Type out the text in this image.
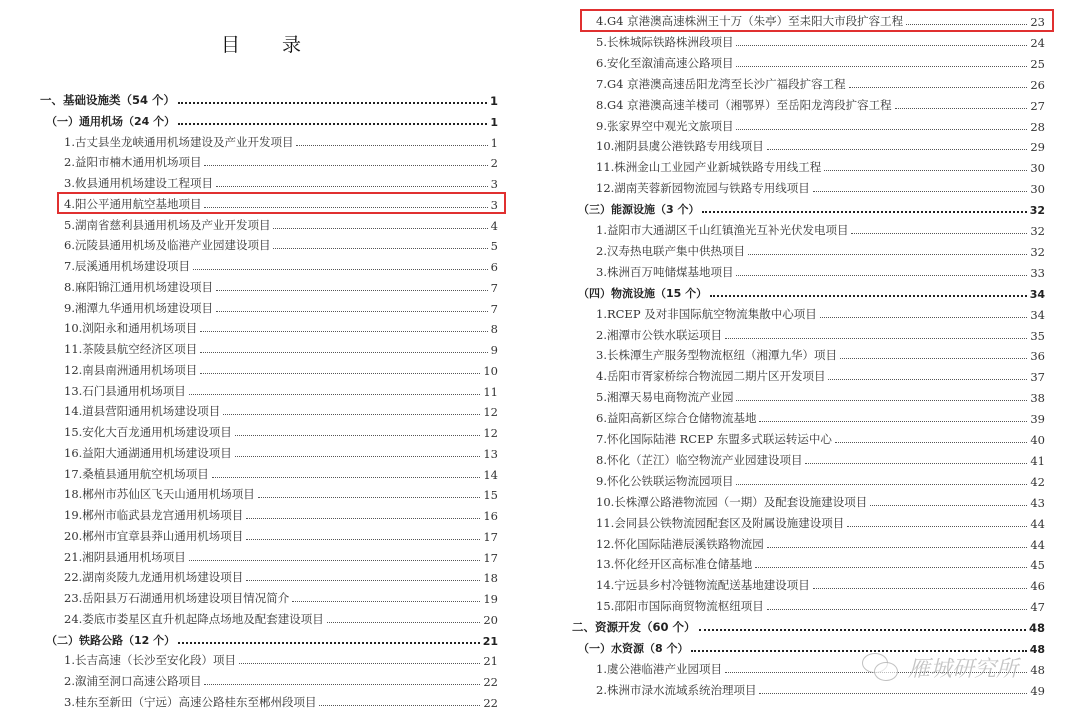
目 录
一、基础设施类（54 个）	1
（一）通用机场（24 个）	1
1.古丈县坐龙峡通用机场建设及产业开发项目	1
2.益阳市楠木通用机场项目	2
3.攸县通用机场建设工程项目	3
4.阳公平通用航空基地项目	3
5.湖南省慈利县通用机场及产业开发项目	4
6.沅陵县通用机场及临港产业园建设项目	5
7.辰溪通用机场建设项目	6
8.麻阳锦江通用机场建设项目	7
9.湘潭九华通用机场建设项目	7
10.浏阳永和通用机场项目	8
11.茶陵县航空经济区项目	9
12.南县南洲通用机场项目	10
13.石门县通用机场项目	11
14.道县营阳通用机场建设项目	12
15.安化大百龙通用机场建设项目	12
16.益阳大通湖通用机场建设项目	13
17.桑植县通用航空机场项目	14
18.郴州市苏仙区飞天山通用机场项目	15
19.郴州市临武县龙宫通用机场项目	16
20.郴州市宜章县莽山通用机场项目	17
21.湘阴县通用机场项目	17
22.湖南炎陵九龙通用机场建设项目	18
23.岳阳县万石湖通用机场建设项目情况简介	19
24.娄底市娄星区直升机起降点场地及配套建设项目	20
（二）铁路公路（12 个）	21
1.长吉高速（长沙至安化段）项目	21
2.溆浦至洞口高速公路项目	22
3.桂东至新田（宁远）高速公路桂东至郴州段项目	22
4.G4 京港澳高速株洲王十万（朱亭）至耒阳大市段扩容工程	23
5.长株城际铁路株洲段项目	24
6.安化至溆浦高速公路项目	25
7.G4 京港澳高速岳阳龙湾至长沙广福段扩容工程	26
8.G4 京港澳高速羊楼司（湘鄂界）至岳阳龙湾段扩容工程	27
9.张家界空中观光文旅项目	28
10.湘阴县虞公港铁路专用线项目	29
11.株洲金山工业园产业新城铁路专用线工程	30
12.湖南芙蓉新园物流园与铁路专用线项目	30
（三）能源设施（3 个）	32
1.益阳市大通湖区千山红镇渔光互补光伏发电项目	32
2.汉寿热电联产集中供热项目	32
3.株洲百万吨储煤基地项目	33
（四）物流设施（15 个）	34
1.RCEP 及对非国际航空物流集散中心项目	34
2.湘潭市公铁水联运项目	35
3.长株潭生产服务型物流枢纽（湘潭九华）项目	36
4.岳阳市胥家桥综合物流园二期片区开发项目	37
5.湘潭天易电商物流产业园	38
6.益阳高新区综合仓储物流基地	39
7.怀化国际陆港 RCEP 东盟多式联运转运中心	40
8.怀化（芷江）临空物流产业园建设项目	41
9.怀化公铁联运物流园项目	42
10.长株潭公路港物流园（一期）及配套设施建设项目	43
11.会同县公铁物流园配套区及附属设施建设项目	44
12.怀化国际陆港辰溪铁路物流园	44
13.怀化经开区高标准仓储基地	45
14.宁远县乡村冷链物流配送基地建设项目	46
15.邵阳市国际商贸物流枢纽项目	47
二、资源开发（60 个）	48
（一）水资源（8 个）	48
1.虞公港临港产业园项目	48
2.株洲市渌水流域系统治理项目	49
雁城研究所
